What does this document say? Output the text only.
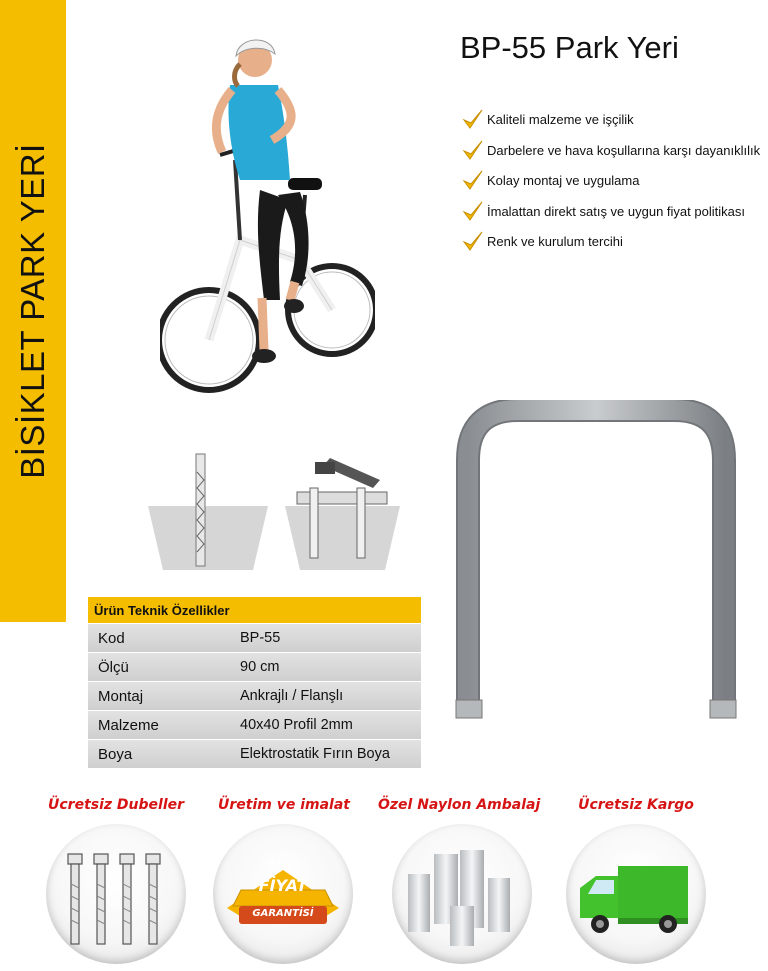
BİSİKLET PARK YERİ
BP-55 Park Yeri
Kaliteli malzeme ve işçilik
Darbelere ve hava koşullarına karşı dayanıklılık
Kolay montaj ve uygulama
İmalattan direkt satış ve uygun fiyat politikası
Renk ve kurulum tercihi
Ürün Teknik Özellikler
Kod	BP-55
Ölçü	90 cm
Montaj	Ankrajlı / Flanşlı
Malzeme	40x40 Profil 2mm
Boya	Elektrostatik Fırın Boya
Ücretsiz Dubeller Üretim ve imalat
düşük
FİYAT
GARANTİSİ
Özel Naylon Ambalaj	Ücretsiz Kargo
